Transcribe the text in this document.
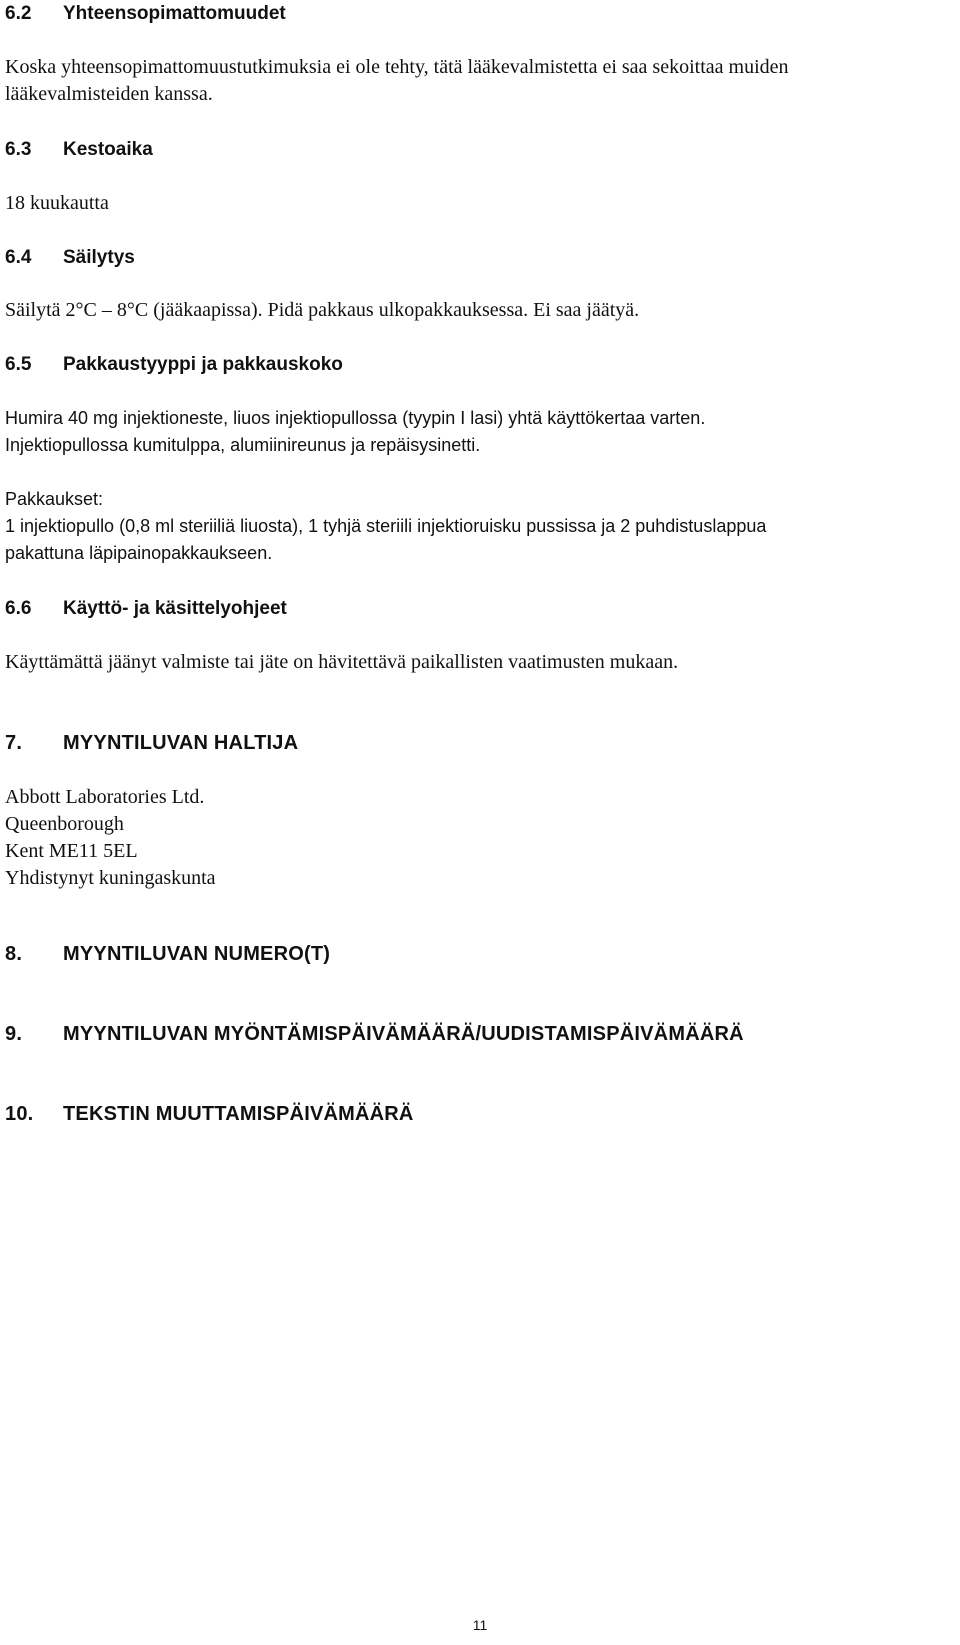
6.2 Yhteensopimattomuudet

Koska yhteensopimattomuustutkimuksia ei ole tehty, tätä lääkevalmistetta ei saa sekoittaa muiden
lääkevalmisteiden kanssa.

6.3 Kestoaika

18 kuukautta

6.4 Säilytys

Säilytä 2°C – 8°C (jääkaapissa). Pidä pakkaus ulkopakkauksessa. Ei saa jäätyä.

6.5 Pakkaustyyppi ja pakkauskoko

Humira 40 mg injektioneste, liuos injektiopullossa (tyypin I lasi) yhtä käyttökertaa varten.
Injektiopullossa kumitulppa, alumiinireunus ja repäisysinetti.

Pakkaukset:
1 injektiopullo (0,8 ml steriiliä liuosta), 1 tyhjä steriili injektioruisku pussissa ja 2 puhdistuslappua
pakattuna läpipainopakkaukseen.

6.6 Käyttö- ja käsittelyohjeet

Käyttämättä jäänyt valmiste tai jäte on hävitettävä paikallisten vaatimusten mukaan.

7. MYYNTILUVAN HALTIJA

Abbott Laboratories Ltd.
Queenborough
Kent ME11 5EL
Yhdistynyt kuningaskunta

8. MYYNTILUVAN NUMERO(T)
9. MYYNTILUVAN MYÖNTÄMISPÄIVÄMÄÄRÄ/UUDISTAMISPÄIVÄMÄÄRÄ
10. TEKSTIN MUUTTAMISPÄIVÄMÄÄRÄ
11
